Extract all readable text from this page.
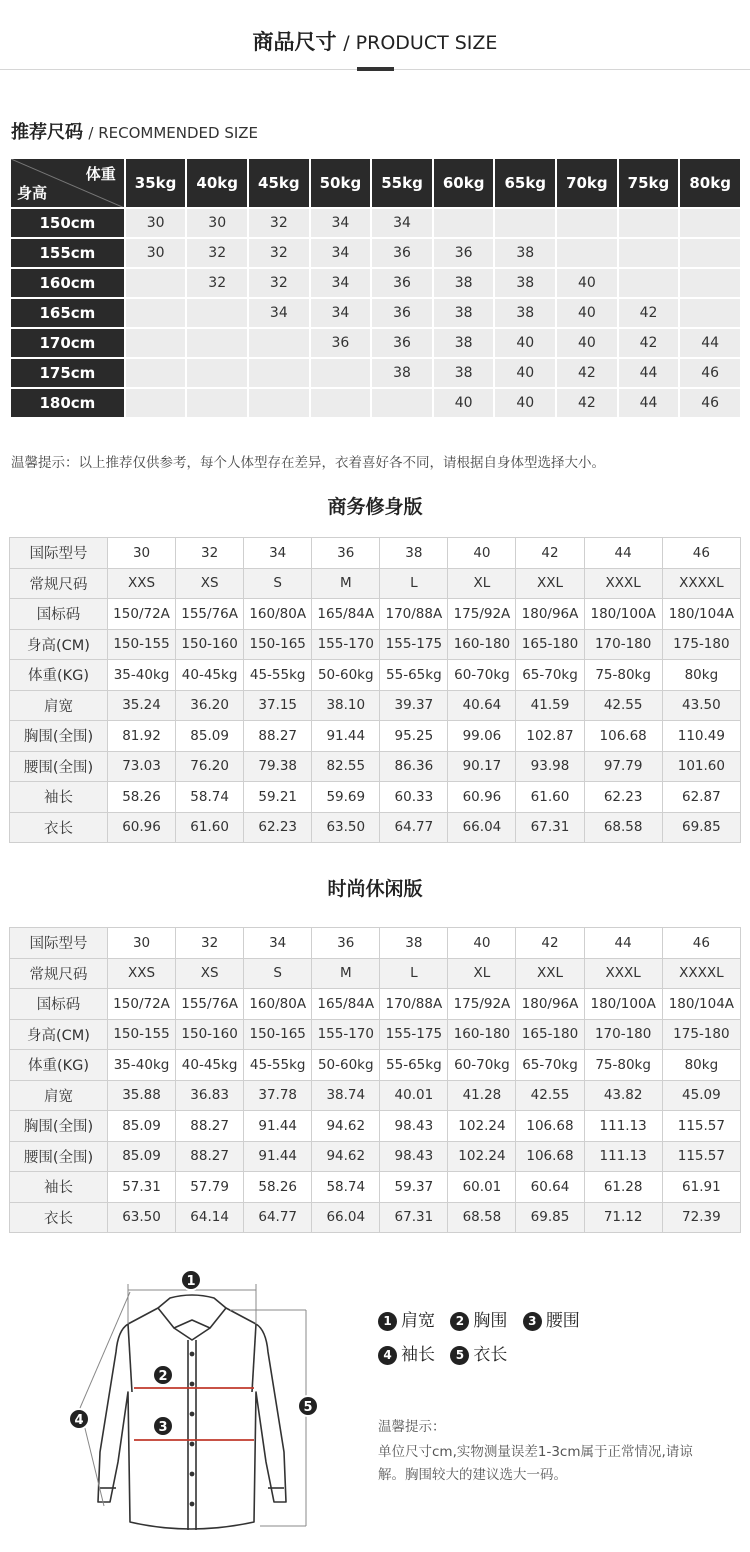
商品尺寸 / PRODUCT SIZE
推荐尺码 / RECOMMENDED SIZE
体重
身高	35kg	40kg	45kg	50kg	55kg	60kg	65kg	70kg	75kg	80kg
150cm	30	30	32	34	34					
155cm	30	32	32	34	36	36	38			
160cm		32	32	34	36	38	38	40		
165cm			34	34	36	38	38	40	42	
170cm				36	36	38	40	40	42	44
175cm					38	38	40	42	44	46
180cm						40	40	42	44	46
温馨提示：以上推荐仅供参考，每个人体型存在差异，衣着喜好各不同，请根据自身体型选择大小。
商务修身版
国际型号	30	32	34	36	38	40	42	44	46
常规尺码	XXS	XS	S	M	L	XL	XXL	XXXL	XXXXL
国标码	150/72A	155/76A	160/80A	165/84A	170/88A	175/92A	180/96A	180/100A	180/104A
身高(CM)	150-155	150-160	150-165	155-170	155-175	160-180	165-180	170-180	175-180
体重(KG)	35-40kg	40-45kg	45-55kg	50-60kg	55-65kg	60-70kg	65-70kg	75-80kg	80kg
肩宽	35.24	36.20	37.15	38.10	39.37	40.64	41.59	42.55	43.50
胸围(全围)	81.92	85.09	88.27	91.44	95.25	99.06	102.87	106.68	110.49
腰围(全围)	73.03	76.20	79.38	82.55	86.36	90.17	93.98	97.79	101.60
袖长	58.26	58.74	59.21	59.69	60.33	60.96	61.60	62.23	62.87
衣长	60.96	61.60	62.23	63.50	64.77	66.04	67.31	68.58	69.85
时尚休闲版
国际型号	30	32	34	36	38	40	42	44	46
常规尺码	XXS	XS	S	M	L	XL	XXL	XXXL	XXXXL
国标码	150/72A	155/76A	160/80A	165/84A	170/88A	175/92A	180/96A	180/100A	180/104A
身高(CM)	150-155	150-160	150-165	155-170	155-175	160-180	165-180	170-180	175-180
体重(KG)	35-40kg	40-45kg	45-55kg	50-60kg	55-65kg	60-70kg	65-70kg	75-80kg	80kg
肩宽	35.88	36.83	37.78	38.74	40.01	41.28	42.55	43.82	45.09
胸围(全围)	85.09	88.27	91.44	94.62	98.43	102.24	106.68	111.13	115.57
腰围(全围)	85.09	88.27	91.44	94.62	98.43	102.24	106.68	111.13	115.57
袖长	57.31	57.79	58.26	58.74	59.37	60.01	60.64	61.28	61.91
衣长	63.50	64.14	64.77	66.04	67.31	68.58	69.85	71.12	72.39
1
2
3
4
5
1 肩宽 2 胸围 3 腰围
4 袖长 5 衣长
温馨提示：
单位尺寸cm,实物测量误差1-3cm属于正常情况,请谅解。胸围较大的建议选大一码。
